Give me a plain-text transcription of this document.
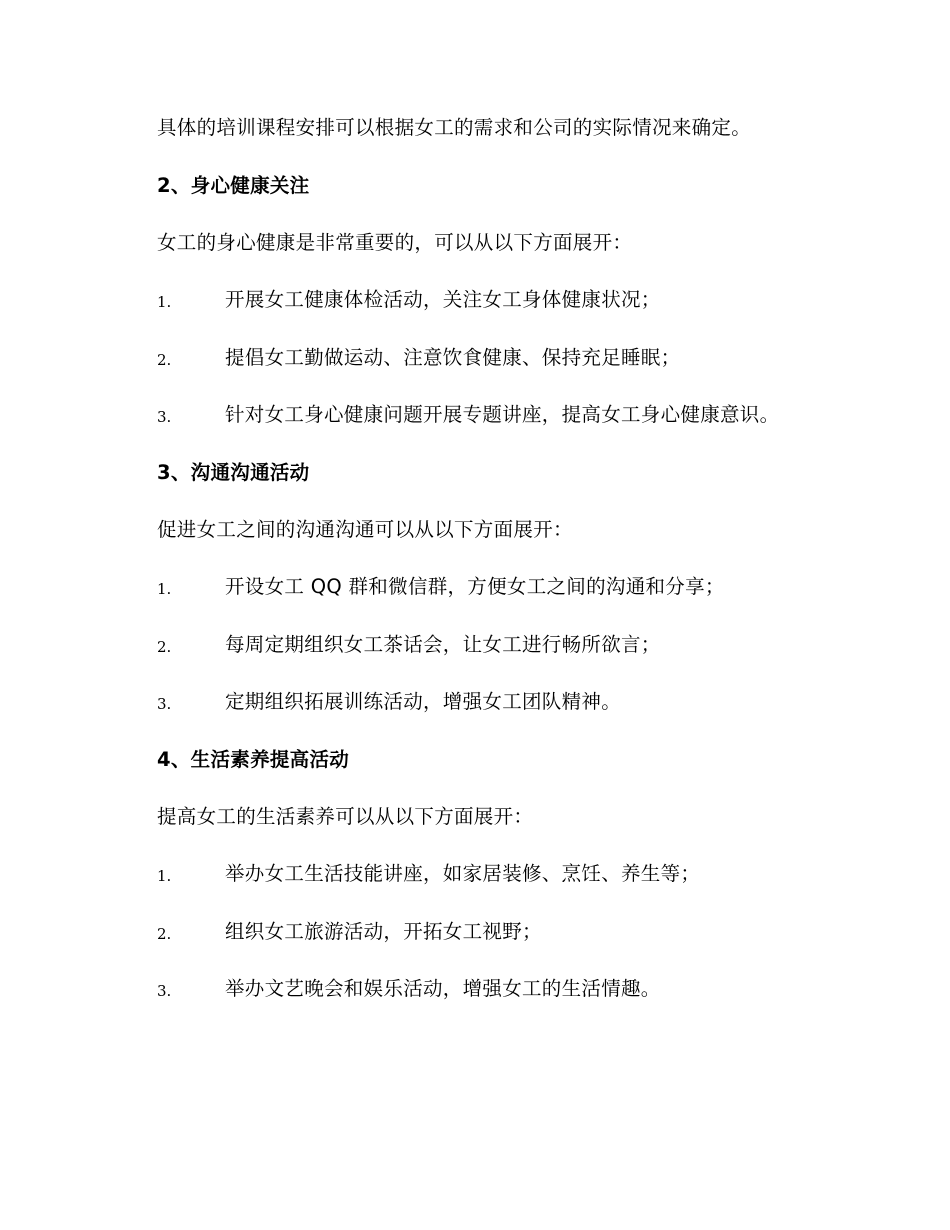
具体的培训课程安排可以根据女工的需求和公司的实际情况来确定。
2、身心健康关注
女工的身心健康是非常重要的，可以从以下方面展开：
1.	开展女工健康体检活动，关注女工身体健康状况；
2.	提倡女工勤做运动、注意饮食健康、保持充足睡眠；
3.	针对女工身心健康问题开展专题讲座，提高女工身心健康意识。
3、沟通沟通活动
促进女工之间的沟通沟通可以从以下方面展开：
1.	开设女工 QQ 群和微信群，方便女工之间的沟通和分享；
2.	每周定期组织女工茶话会，让女工进行畅所欲言；
3.	定期组织拓展训练活动，增强女工团队精神。
4、生活素养提高活动
提高女工的生活素养可以从以下方面展开：
1.	举办女工生活技能讲座，如家居装修、烹饪、养生等；
2.	组织女工旅游活动，开拓女工视野；
3.	举办文艺晚会和娱乐活动，增强女工的生活情趣。
